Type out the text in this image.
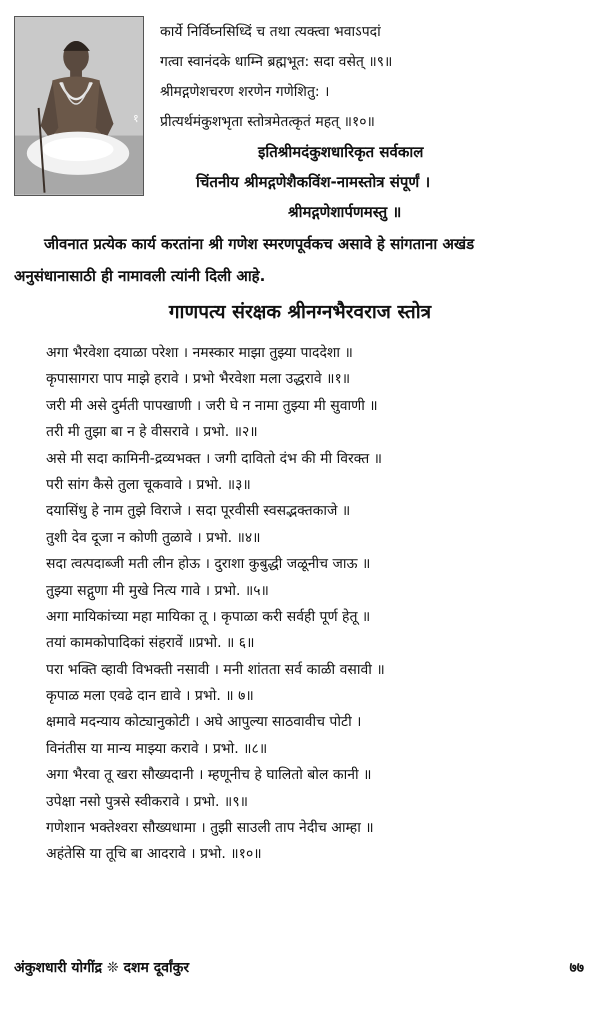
१
कार्ये निर्विघ्नसिध्दिं च तथा त्यक्त्वा भवाऽपदां
गत्वा स्वानंदके धाम्नि ब्रह्मभूत: सदा वसेत् ॥९॥
श्रीमद्गणेशचरण शरणेन गणेशितु: ।
प्रीत्यर्थमंकुशभृता स्तोत्रमेतत्कृतं महत् ॥१०॥
इतिश्रीमदंकुशधारिकृत सर्वकाल
चिंतनीय श्रीमद्गणेशैकविंश-नामस्तोत्र संपूर्णं ।
श्रीमद्गणेशार्पणमस्तु ॥
जीवनात प्रत्येक कार्य करतांना श्री गणेश स्मरणपूर्वकच असावे हे सांगताना अखंड
अनुसंधानासाठी ही नामावली त्यांनी दिली आहे.
गाणपत्य संरक्षक श्रीनग्नभैरवराज स्तोत्र
अगा भैरवेशा दयाळा परेशा । नमस्कार माझा तुझ्या पाददेशा ॥
कृपासागरा पाप माझे हरावे । प्रभो भैरवेशा मला उद्धरावे ॥१॥
जरी मी असे दुर्मती पापखाणी । जरी घे न नामा तुझ्या मी सुवाणी ॥
तरी मी तुझा बा न हे वीसरावे । प्रभो. ॥२॥
असे मी सदा कामिनी-द्रव्यभक्त । जगी दावितो दंभ की मी विरक्त ॥
परी सांग कैसे तुला चूकवावे । प्रभो. ॥३॥
दयासिंधु हे नाम तुझे विराजे । सदा पूरवीसी स्वसद्भक्तकाजे ॥
तुशी देव दूजा न कोणी तुळावे । प्रभो. ॥४॥
सदा त्वत्पदाब्जी मती लीन होऊ । दुराशा कुबुद्धी जळूनीच जाऊ ॥
तुझ्या सद्गुणा मी मुखे नित्य गावे । प्रभो. ॥५॥
अगा मायिकांच्या महा मायिका तू । कृपाळा करी सर्वही पूर्ण हेतू ॥
तयां कामकोपादिकां संहरावें ॥प्रभो. ॥ ६॥
परा भक्ति व्हावी विभक्ती नसावी । मनी शांतता सर्व काळी वसावी ॥
कृपाळ मला एवढे दान द्यावे । प्रभो. ॥ ७॥
क्षमावे मदन्याय कोट्यानुकोटी । अघे आपुल्या साठवावीच पोटी ।
विनंतीस या मान्य माझ्या करावे । प्रभो. ॥८॥
अगा भैरवा तू खरा सौख्यदानी । म्हणूनीच हे घालितो बोल कानी ॥
उपेक्षा नसो पुत्रसे स्वीकरावे । प्रभो. ॥९॥
गणेशान भक्तेश्वरा सौख्यधामा । तुझी साउली ताप नेदीच आम्हा ॥
अहंतेसि या तूचि बा आदरावे । प्रभो. ॥१०॥
अंकुशधारी योगींद्र ❊ दशम दूर्वांकुर	७७
